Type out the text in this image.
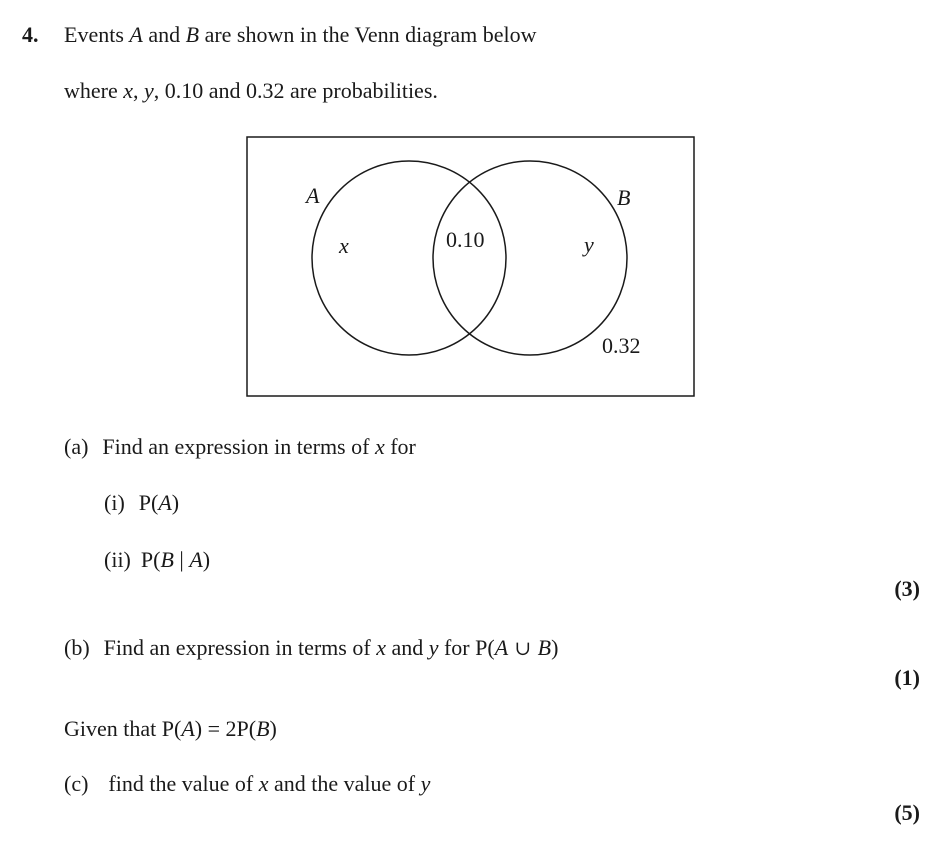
4. Events A and B are shown in the Venn diagram below
where x, y, 0.10 and 0.32 are probabilities.
A	B
x	0.10	y
0.32
(a) Find an expression in terms of x for
(i) P(A)
(ii) P(B | A)
(3)
(b) Find an expression in terms of x and y for P(A ∪ B)
(1)
Given that P(A) = 2P(B)
(c) find the value of x and the value of y
(5)
